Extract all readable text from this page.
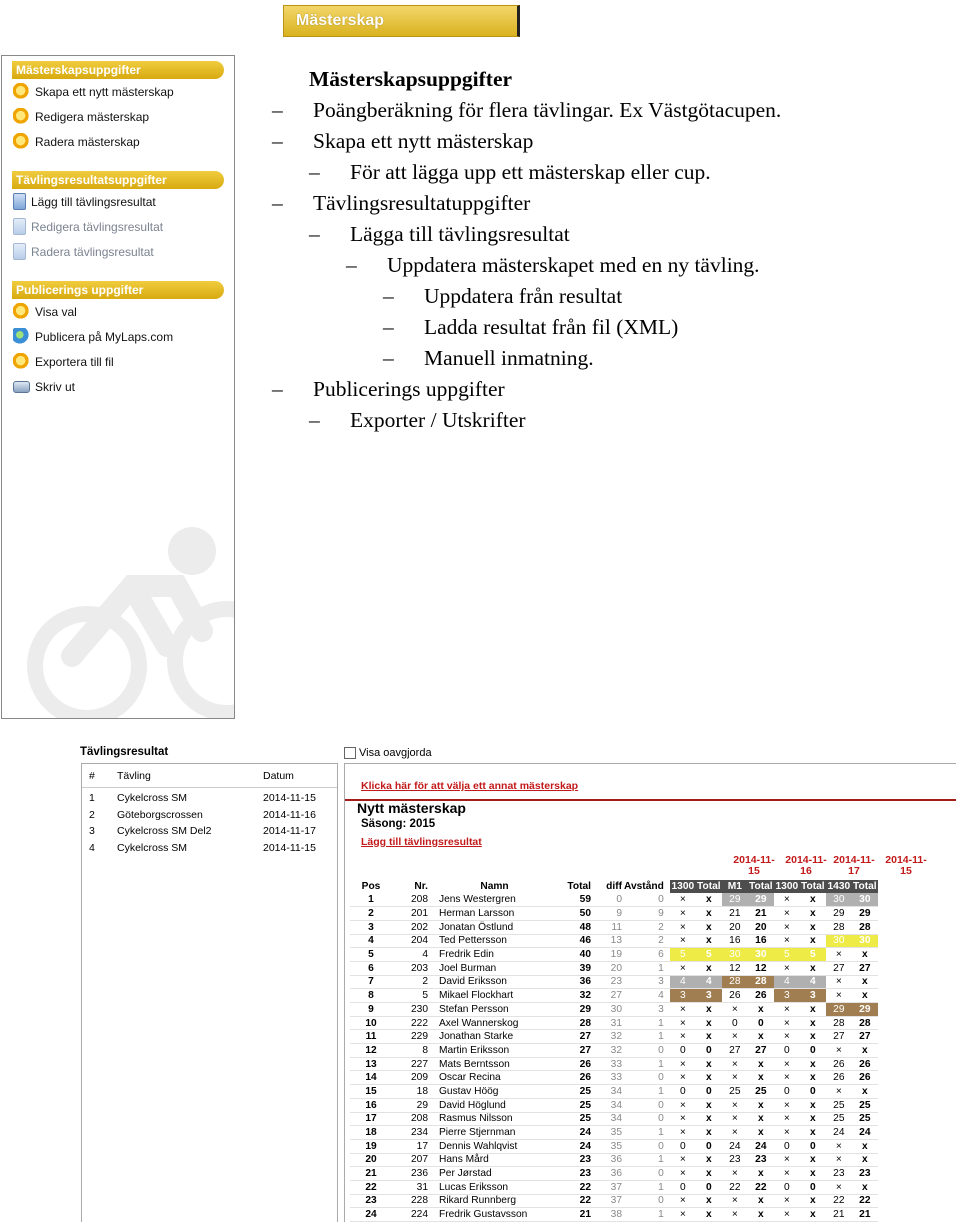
Mästerskap
Mästerskapsuppgifter
Skapa ett nytt mästerskap
Redigera mästerskap
Radera mästerskap
Tävlingsresultatsuppgifter
Lägg till tävlingsresultat
Redigera tävlingsresultat
Radera tävlingsresultat
Publicerings uppgifter
Visa val
Publicera på MyLaps.com
Exportera till fil
Skriv ut
Mästerskapsuppgifter
–	Poängberäkning för flera tävlingar. Ex Västgötacupen.
–	Skapa ett nytt mästerskap
–	För att lägga upp ett mästerskap eller cup.
–	Tävlingsresultatuppgifter
–	Lägga till tävlingsresultat
–	Uppdatera mästerskapet med en ny tävling.
–	Uppdatera från resultat
–	Ladda resultat från fil (XML)
–	Manuell inmatning.
–	Publicerings uppgifter
–	Exporter / Utskrifter
Tävlingsresultat
#	Tävling	Datum
1	Cykelcross SM	2014-11-15
2	Göteborgscrossen	2014-11-16
3	Cykelcross SM Del2	2014-11-17
4	Cykelcross SM	2014-11-15
Visa oavgjorda
Klicka här för att välja ett annat mästerskap
Nytt mästerskap
Säsong: 2015
Lägg till tävlingsresultat
2014-11-15
2014-11-16
2014-11-17
2014-11-15
Pos	Nr.	Namn	Total	diff	Avstånd	1300	Total	M1	Total	1300	Total	1430	Total
1	208	Jens Westergren	59	0	0	×	x	29	29	×	x	30	30
2	201	Herman Larsson	50	9	9	×	x	21	21	×	x	29	29
3	202	Jonatan Östlund	48	11	2	×	x	20	20	×	x	28	28
4	204	Ted Pettersson	46	13	2	×	x	16	16	×	x	30	30
5	4	Fredrik Edin	40	19	6	5	5	30	30	5	5	×	x
6	203	Joel Burman	39	20	1	×	x	12	12	×	x	27	27
7	2	David Eriksson	36	23	3	4	4	28	28	4	4	×	x
8	5	Mikael Flockhart	32	27	4	3	3	26	26	3	3	×	x
9	230	Stefan Persson	29	30	3	×	x	×	x	×	x	29	29
10	222	Axel Wannerskog	28	31	1	×	x	0	0	×	x	28	28
11	229	Jonathan Starke	27	32	1	×	x	×	x	×	x	27	27
12	8	Martin Eriksson	27	32	0	0	0	27	27	0	0	×	x
13	227	Mats Berntsson	26	33	1	×	x	×	x	×	x	26	26
14	209	Oscar Recina	26	33	0	×	x	×	x	×	x	26	26
15	18	Gustav Höög	25	34	1	0	0	25	25	0	0	×	x
16	29	David Höglund	25	34	0	×	x	×	x	×	x	25	25
17	208	Rasmus Nilsson	25	34	0	×	x	×	x	×	x	25	25
18	234	Pierre Stjernman	24	35	1	×	x	×	x	×	x	24	24
19	17	Dennis Wahlqvist	24	35	0	0	0	24	24	0	0	×	x
20	207	Hans Mård	23	36	1	×	x	23	23	×	x	×	x
21	236	Per Jørstad	23	36	0	×	x	×	x	×	x	23	23
22	31	Lucas Eriksson	22	37	1	0	0	22	22	0	0	×	x
23	228	Rikard Runnberg	22	37	0	×	x	×	x	×	x	22	22
24	224	Fredrik Gustavsson	21	38	1	×	x	×	x	×	x	21	21
